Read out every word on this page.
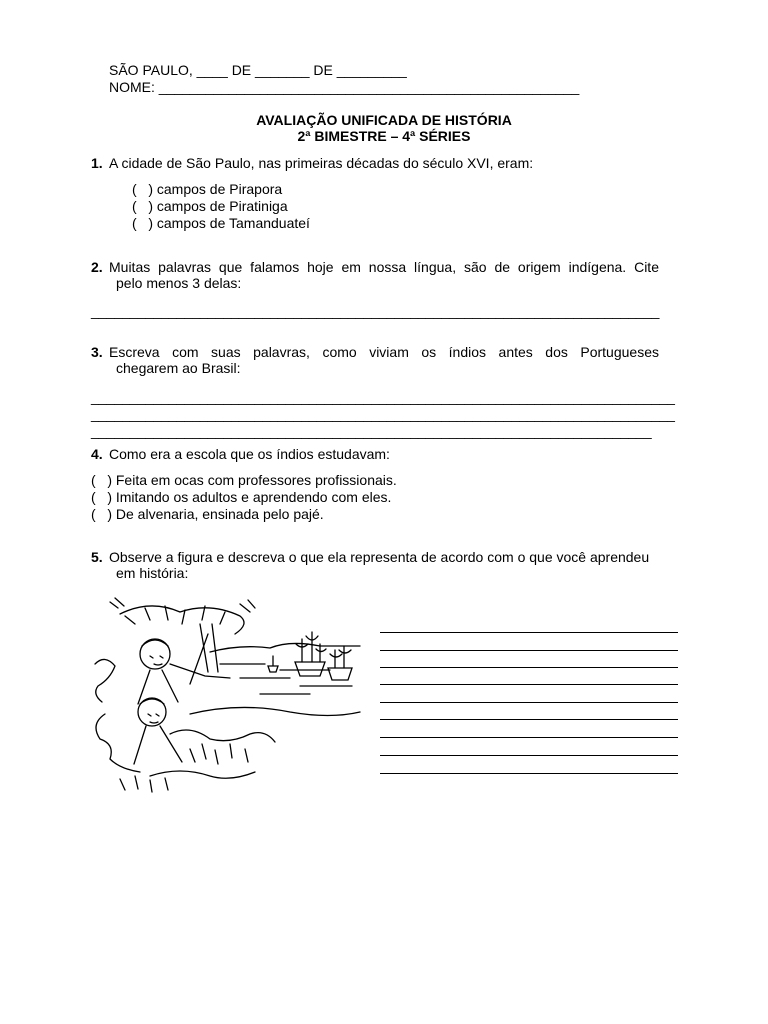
SÃO PAULO, ____ DE _______ DE _________
NOME: ______________________________________________________
AVALIAÇÃO UNIFICADA DE HISTÓRIA
2ª BIMESTRE – 4ª SÉRIES
1. A cidade de São Paulo, nas primeiras décadas do século XVI, eram:
(   ) campos de Pirapora
(   ) campos de Piratiniga
(   ) campos de Tamanduateí
2. Muitas palavras que falamos hoje em nossa língua, são de origem indígena. Cite
pelo menos 3 delas:
_________________________________________________________________________
3. Escreva com suas palavras, como viviam os índios antes dos Portugueses
chegarem ao Brasil:
___________________________________________________________________________
___________________________________________________________________________
________________________________________________________________________
4. Como era a escola que os índios estudavam:
(   ) Feita em ocas com professores profissionais.
(   ) Imitando os adultos e aprendendo com eles.
(   ) De alvenaria, ensinada pelo pajé.
5. Observe a figura e descreva o que ela representa de acordo com o que você aprendeu
em história:
